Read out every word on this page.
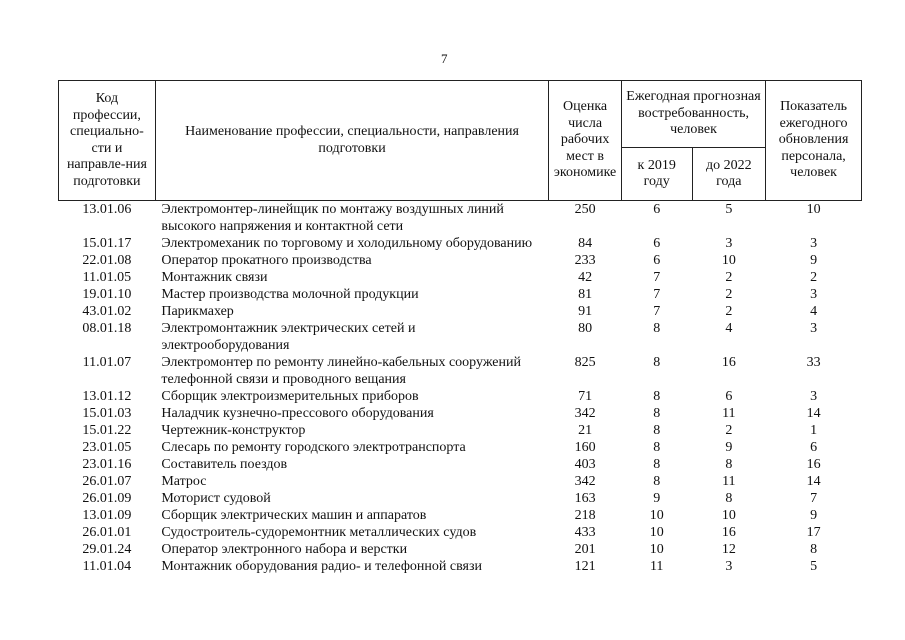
7
Код профессии, специально-сти и направле-ния подготовки	Наименование профессии, специальности, направления подготовки	Оценка числа рабочих мест в экономике	Ежегодная прогнозная востребованность, человек		Показатель ежегодного обновления персонала, человек
			к 2019 году	до 2022 года	
13.01.06	Электромонтер-линейщик по монтажу воздушных линий высокого напряжения и контактной сети	250	6	5	10
15.01.17	Электромеханик по торговому и холодильному оборудованию	84	6	3	3
22.01.08	Оператор прокатного производства	233	6	10	9
11.01.05	Монтажник связи	42	7	2	2
19.01.10	Мастер производства молочной продукции	81	7	2	3
43.01.02	Парикмахер	91	7	2	4
08.01.18	Электромонтажник электрических сетей и электрооборудования	80	8	4	3
11.01.07	Электромонтер по ремонту линейно-кабельных сооружений телефонной связи и проводного вещания	825	8	16	33
13.01.12	Сборщик электроизмерительных приборов	71	8	6	3
15.01.03	Наладчик кузнечно-прессового оборудования	342	8	11	14
15.01.22	Чертежник-конструктор	21	8	2	1
23.01.05	Слесарь по ремонту городского электротранспорта	160	8	9	6
23.01.16	Составитель поездов	403	8	8	16
26.01.07	Матрос	342	8	11	14
26.01.09	Моторист судовой	163	9	8	7
13.01.09	Сборщик электрических машин и аппаратов	218	10	10	9
26.01.01	Судостроитель-судоремонтник металлических судов	433	10	16	17
29.01.24	Оператор электронного набора и верстки	201	10	12	8
11.01.04	Монтажник оборудования радио- и телефонной связи	121	11	3	5
